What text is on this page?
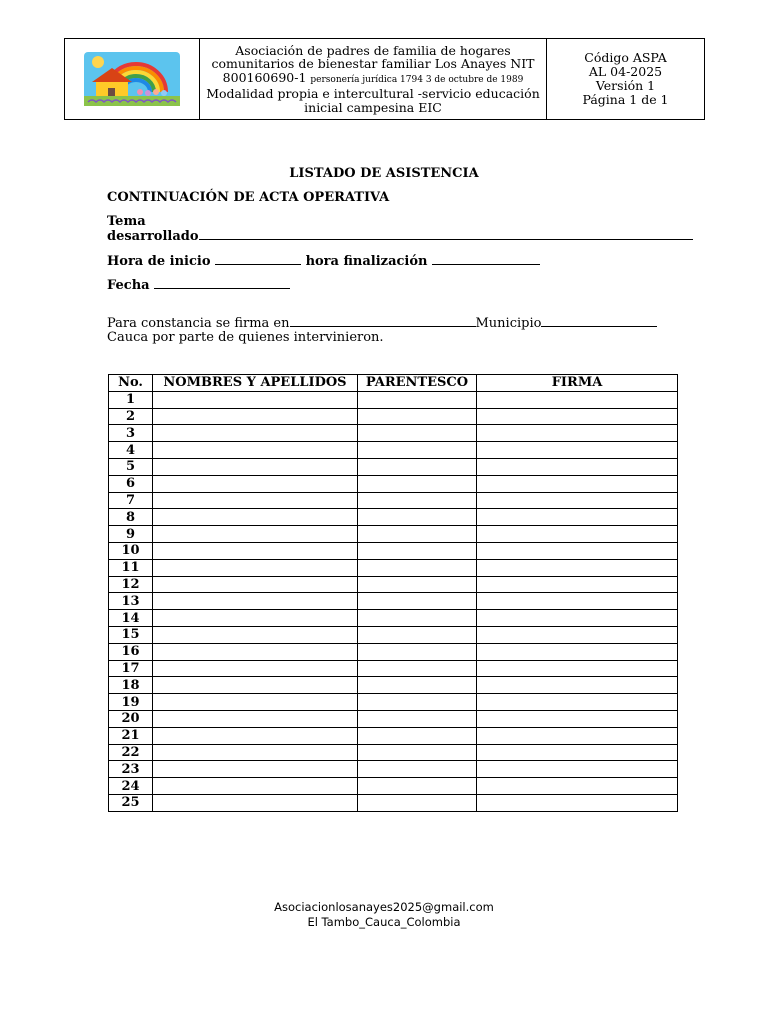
Asociación de padres de familia de hogares
comunitarios de bienestar familiar Los Anayes NIT
800160690-1 personería jurídica 1794 3 de octubre de 1989
Modalidad propia e intercultural -servicio educación
inicial campesina EIC
Código ASPA
AL 04-2025
Versión 1
Página 1 de 1
LISTADO DE ASISTENCIA
CONTINUACIÓN DE ACTA OPERATIVA
Tema
desarrollado
Hora de inicio	hora finalización
Fecha
Para constancia se firma en	Municipio
Cauca por parte de quienes intervinieron.
No.	NOMBRES Y APELLIDOS	PARENTESCO	FIRMA
1			
2			
3			
4			
5			
6			
7			
8			
9			
10			
11			
12			
13			
14			
15			
16			
17			
18			
19			
20			
21			
22			
23			
24			
25			
Asociacionlosanayes2025@gmail.com
El Tambo_Cauca_Colombia
